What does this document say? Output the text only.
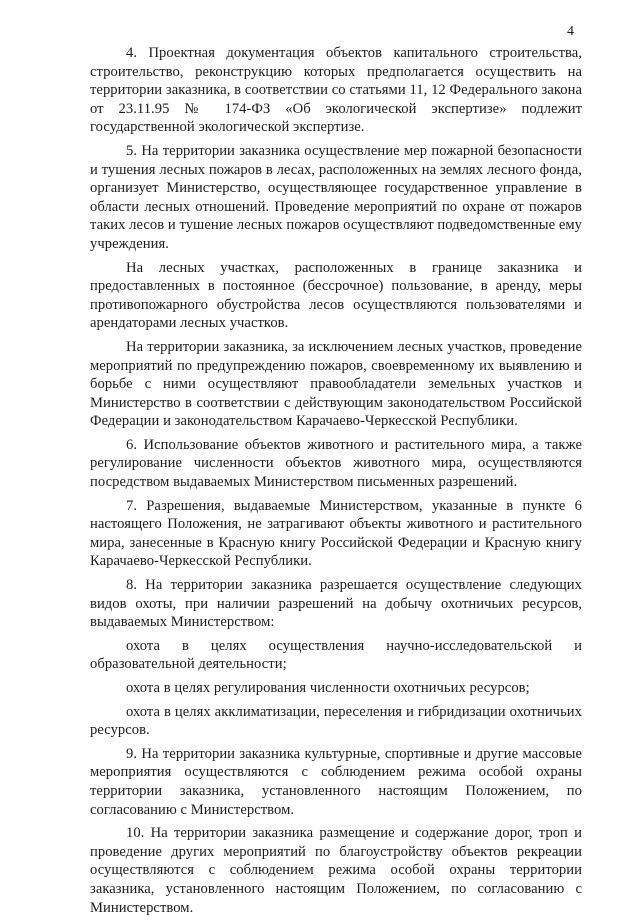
4

4. Проектная документация объектов капитального строительства, строительство, реконструкцию которых предполагается осуществить на территории заказника, в соответствии со статьями 11, 12 Федерального закона от 23.11.95 № 174-ФЗ «Об экологической экспертизе» подлежит государственной экологической экспертизе.

5. На территории заказника осуществление мер пожарной безопасности и тушения лесных пожаров в лесах, расположенных на землях лесного фонда, организует Министерство, осуществляющее государственное управление в области лесных отношений. Проведение мероприятий по охране от пожаров таких лесов и тушение лесных пожаров осуществляют подведомственные ему учреждения.

На лесных участках, расположенных в границе заказника и предоставленных в постоянное (бессрочное) пользование, в аренду, меры противопожарного обустройства лесов осуществляются пользователями и арендаторами лесных участков.

На территории заказника, за исключением лесных участков, проведение мероприятий по предупреждению пожаров, своевременному их выявлению и борьбе с ними осуществляют правообладатели земельных участков и Министерство в соответствии с действующим законодательством Российской Федерации и законодательством Карачаево-Черкесской Республики.

6. Использование объектов животного и растительного мира, а также регулирование численности объектов животного мира, осуществляются посредством выдаваемых Министерством письменных разрешений.

7. Разрешения, выдаваемые Министерством, указанные в пункте 6 настоящего Положения, не затрагивают объекты животного и растительного мира, занесенные в Красную книгу Российской Федерации и Красную книгу Карачаево-Черкесской Республики.

8. На территории заказника разрешается осуществление следующих видов охоты, при наличии разрешений на добычу охотничьих ресурсов, выдаваемых Министерством:

охота в целях осуществления научно-исследовательской и образовательной деятельности;

охота в целях регулирования численности охотничьих ресурсов;

охота в целях акклиматизации, переселения и гибридизации охотничьих ресурсов.

9. На территории заказника культурные, спортивные и другие массовые мероприятия осуществляются с соблюдением режима особой охраны территории заказника, установленного настоящим Положением, по согласованию с Министерством.

10. На территории заказника размещение и содержание дорог, троп и проведение других мероприятий по благоустройству объектов рекреации осуществляются с соблюдением режима особой охраны территории заказника, установленного настоящим Положением, по согласованию с Министерством.
